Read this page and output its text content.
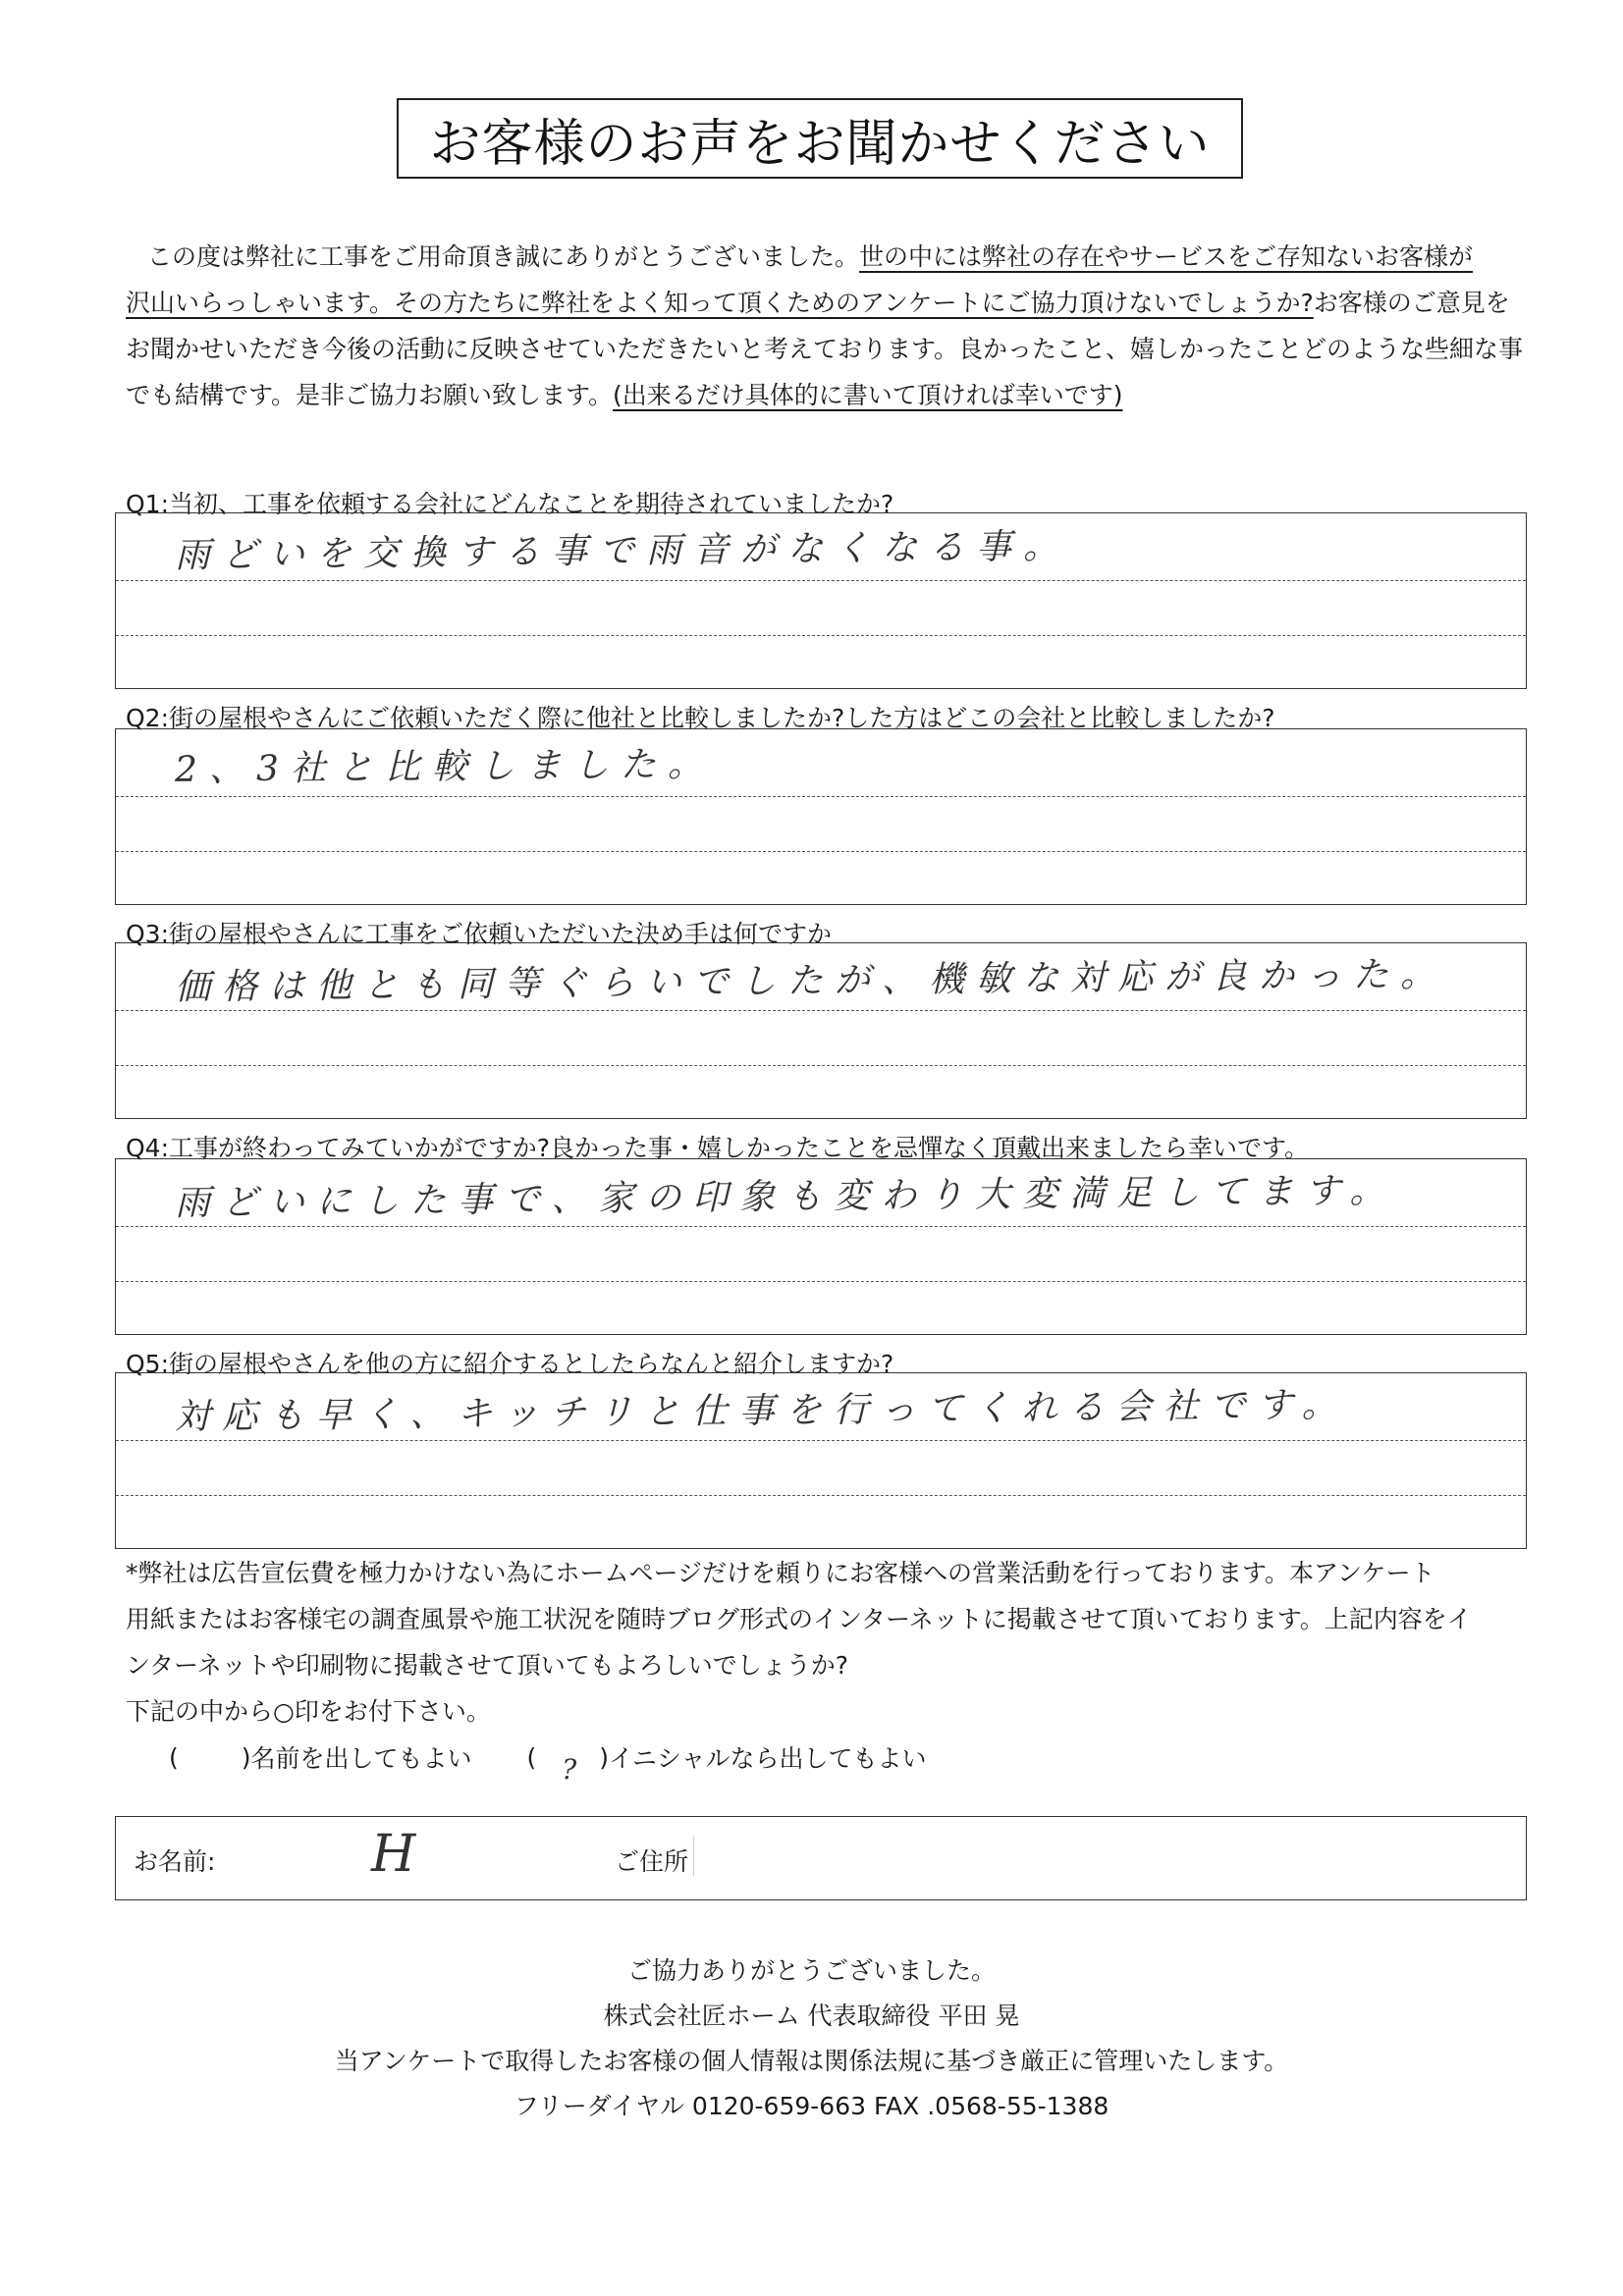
お客様のお声をお聞かせください
この度は弊社に工事をご用命頂き誠にありがとうございました。世の中には弊社の存在やサービスをご存知ないお客様が
沢山いらっしゃいます。その方たちに弊社をよく知って頂くためのアンケートにご協力頂けないでしょうか?お客様のご意見を
お聞かせいただき今後の活動に反映させていただきたいと考えております。良かったこと、嬉しかったことどのような些細な事
でも結構です。是非ご協力お願い致します。(出来るだけ具体的に書いて頂ければ幸いです)
Q1:当初、工事を依頼する会社にどんなことを期待されていましたか?
雨どいを交換する事で雨音がなくなる事。
Q2:街の屋根やさんにご依頼いただく際に他社と比較しましたか?した方はどこの会社と比較しましたか?
2、3社と比較しました。
Q3:街の屋根やさんに工事をご依頼いただいた決め手は何ですか
価格は他とも同等ぐらいでしたが、機敏な対応が良かった。
Q4:工事が終わってみていかがですか?良かった事・嬉しかったことを忌憚なく頂戴出来ましたら幸いです。
雨どいにした事で、家の印象も変わり大変満足してます。
Q5:街の屋根やさんを他の方に紹介するとしたらなんと紹介しますか?
対応も早く、キッチリと仕事を行ってくれる会社です。
*弊社は広告宣伝費を極力かけない為にホームページだけを頼りにお客様への営業活動を行っております。本アンケート
用紙またはお客様宅の調査風景や施工状況を随時ブログ形式のインターネットに掲載させて頂いております。上記内容をイ
ンターネットや印刷物に掲載させて頂いてもよろしいでしょうか?
下記の中から○印をお付下さい。
(	) 名前を出してもよい
( ? ) イニシャルなら出してもよい
お名前:	H	ご住所
ご協力ありがとうございました。
株式会社匠ホーム 代表取締役 平田 晃
当アンケートで取得したお客様の個人情報は関係法規に基づき厳正に管理いたします。
フリーダイヤル 0120-659-663 FAX .0568-55-1388
